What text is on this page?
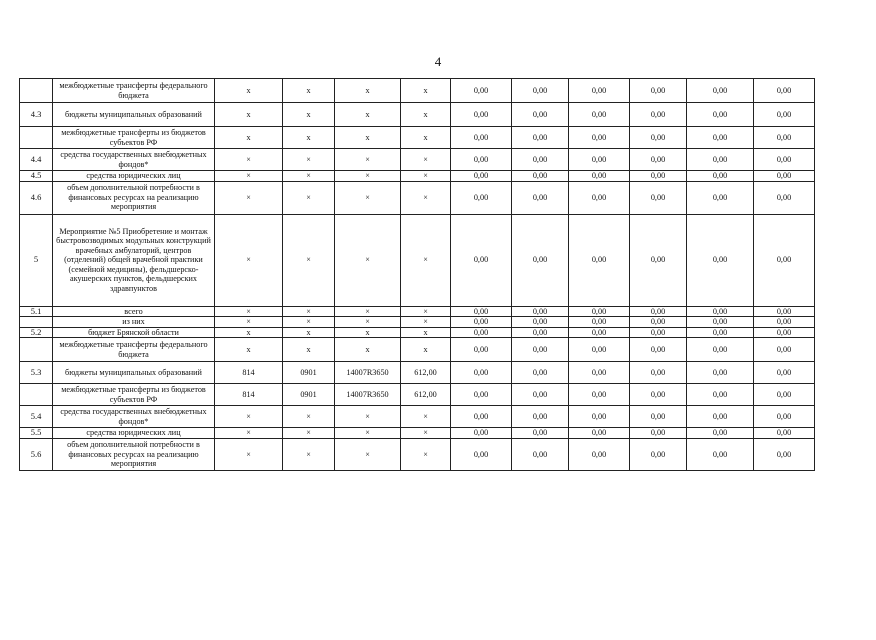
4
	межбюджетные трансферты федерального бюджета	x	x	x	x	0,00	0,00	0,00	0,00	0,00	0,00
4.3	бюджеты муниципальных образований	x	x	x	x	0,00	0,00	0,00	0,00	0,00	0,00
	межбюджетные трансферты из бюджетов субъектов РФ	x	x	x	x	0,00	0,00	0,00	0,00	0,00	0,00
4.4	средства государственных внебюджетных фондов*	×	×	×	×	0,00	0,00	0,00	0,00	0,00	0,00
4.5	средства юридических лиц	×	×	×	×	0,00	0,00	0,00	0,00	0,00	0,00
4.6	объем дополнительной потребности в финансовых ресурсах на реализацию мероприятия	×	×	×	×	0,00	0,00	0,00	0,00	0,00	0,00
5	Мероприятие №5 Приобретение и монтаж быстровозводимых модульных конструкций врачебных амбулаторий, центров (отделений) общей врачебной практики (семейной медицины), фельдшерско-акушерских пунктов, фельдшерских здравпунктов	×	×	×	×	0,00	0,00	0,00	0,00	0,00	0,00
5.1	всего	×	×	×	×	0,00	0,00	0,00	0,00	0,00	0,00
	из них	×	×	×	×	0,00	0,00	0,00	0,00	0,00	0,00
5.2	бюджет Брянской области	x	x	x	x	0,00	0,00	0,00	0,00	0,00	0,00
	межбюджетные трансферты федерального бюджета	x	x	x	x	0,00	0,00	0,00	0,00	0,00	0,00
5.3	бюджеты муниципальных образований	814	0901	14007R3650	612,00	0,00	0,00	0,00	0,00	0,00	0,00
	межбюджетные трансферты из бюджетов субъектов РФ	814	0901	14007R3650	612,00	0,00	0,00	0,00	0,00	0,00	0,00
5.4	средства государственных внебюджетных фондов*	×	×	×	×	0,00	0,00	0,00	0,00	0,00	0,00
5.5	средства юридических лиц	×	×	×	×	0,00	0,00	0,00	0,00	0,00	0,00
5.6	объем дополнительной потребности в финансовых ресурсах на реализацию мероприятия	×	×	×	×	0,00	0,00	0,00	0,00	0,00	0,00
